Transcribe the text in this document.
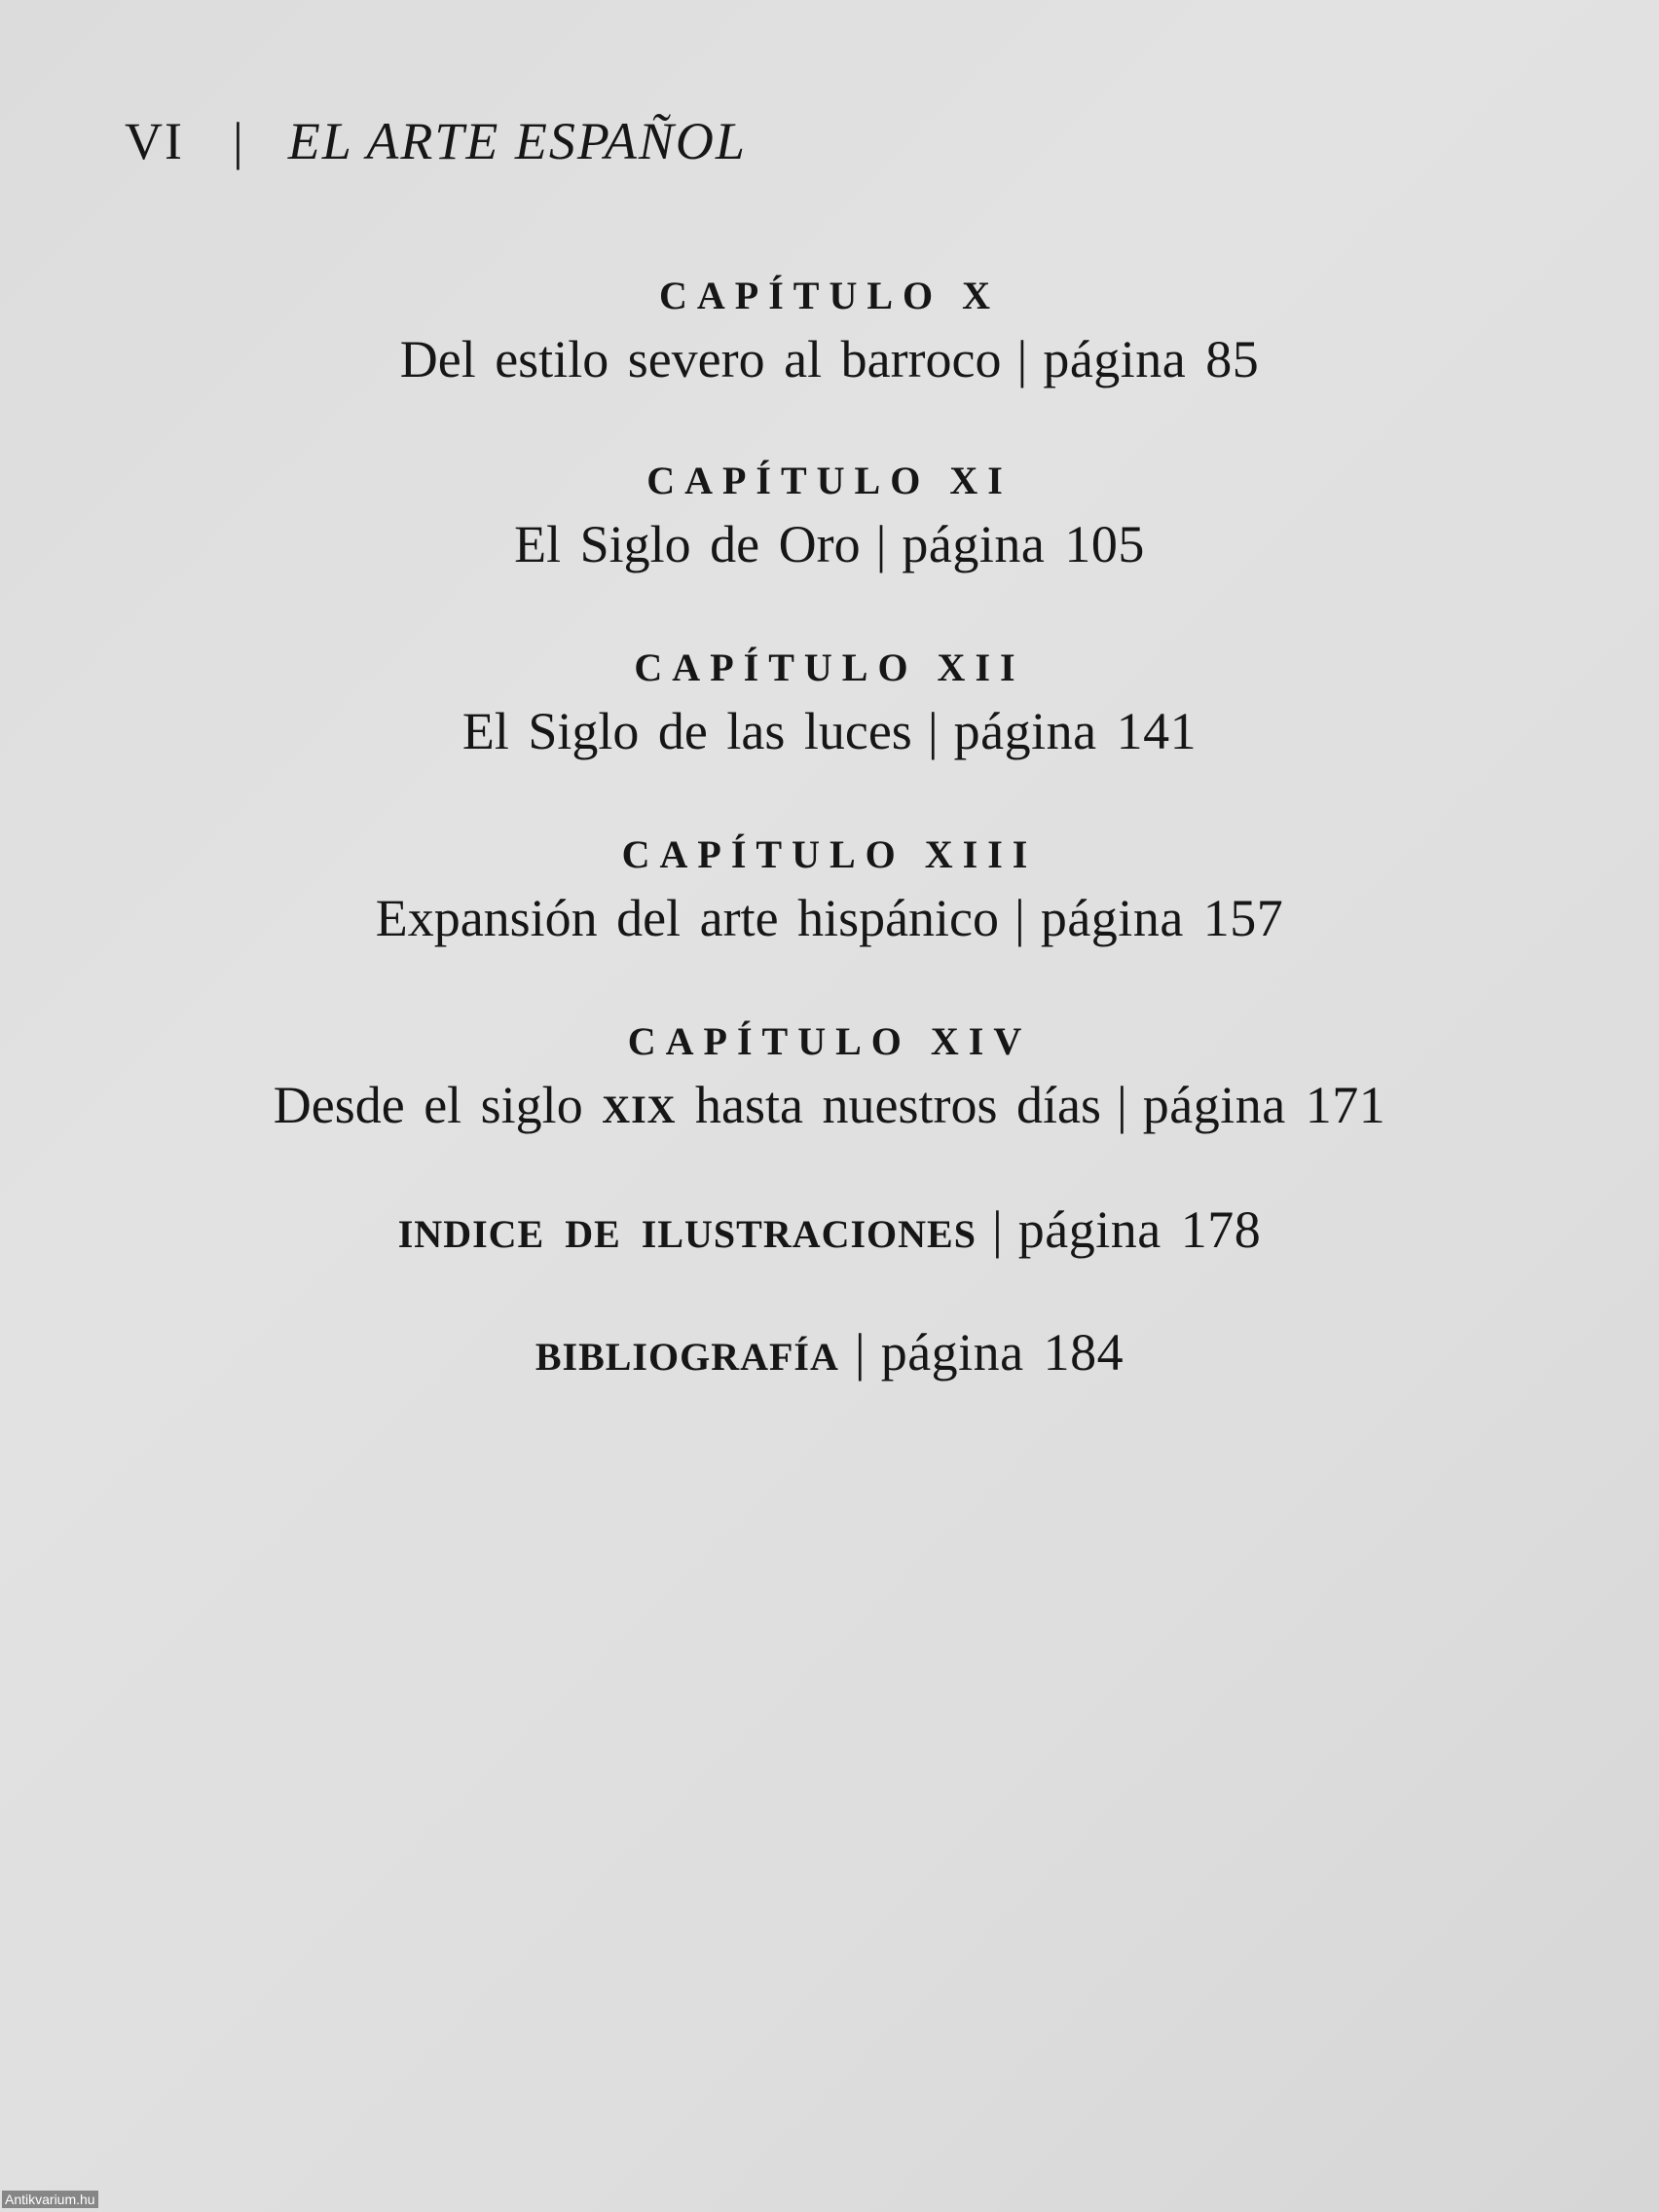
VI | EL ARTE ESPAÑOL

CAPÍTULO X
Del estilo severo al barroco | página 85
CAPÍTULO XI
El Siglo de Oro | página 105
CAPÍTULO XII
El Siglo de las luces | página 141
CAPÍTULO XIII
Expansión del arte hispánico | página 157
CAPÍTULO XIV
Desde el siglo XIX hasta nuestros días | página 171
INDICE DE ILUSTRACIONES | página 178
BIBLIOGRAFÍA | página 184
Antikvarium.hu
